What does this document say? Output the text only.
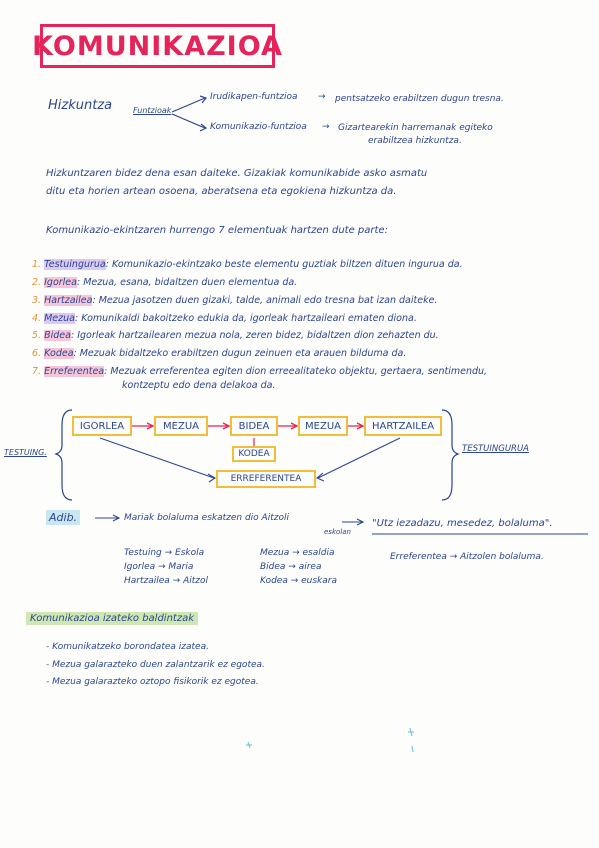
KOMUNIKAZIOA
Hizkuntza	Funtzioak
Irudikapen-funtzioa → pentsatzeko erabiltzen dugun tresna.
Komunikazio-funtzioa → Gizartearekin harremanak egiteko
erabiltzea hizkuntza.
Hizkuntzaren bidez dena esan daiteke. Gizakiak komunikabide asko asmatu
ditu eta horien artean osoena, aberatsena eta egokiena hizkuntza da.
Komunikazio-ekintzaren hurrengo 7 elementuak hartzen dute parte:
1. Testuingurua: Komunikazio-ekintzako beste elementu guztiak biltzen dituen ingurua da.
2. Igorlea: Mezua, esana, bidaltzen duen elementua da.
3. Hartzailea: Mezua jasotzen duen gizaki, talde, animali edo tresna bat izan daiteke.
4. Mezua: Komunikaldi bakoitzeko edukia da, igorleak hartzaileari ematen diona.
5. Bidea: Igorleak hartzailearen mezua nola, zeren bidez, bidaltzen dion zehazten du.
6. Kodea: Mezuak bidaltzeko erabiltzen dugun zeinuen eta arauen bilduma da.
7. Erreferentea: Mezuak erreferentea egiten dion erreealitateko objektu, gertaera, sentimendu,
kontzeptu edo dena delakoa da.
TESTUING.	TESTUINGURUA
IGORLEA	MEZUA	BIDEA	MEZUA	HARTZAILEA
KODEA
ERREFERENTEA
Adib.	Mariak bolaluma eskatzen dio Aitzoli
eskolan
"Utz iezadazu, mesedez, bolaluma".
Testuing → Eskola
Igorlea → Maria
Hartzailea → Aitzol
Mezua → esaldia
Bidea → airea
Kodea → euskara
Erreferentea → Aitzolen bolaluma.
Komunikazioa izateko baldintzak
- Komunikatzeko borondatea izatea.
- Mezua galarazteko duen zalantzarik ez egotea.
- Mezua galarazteko oztopo fisikorik ez egotea.
